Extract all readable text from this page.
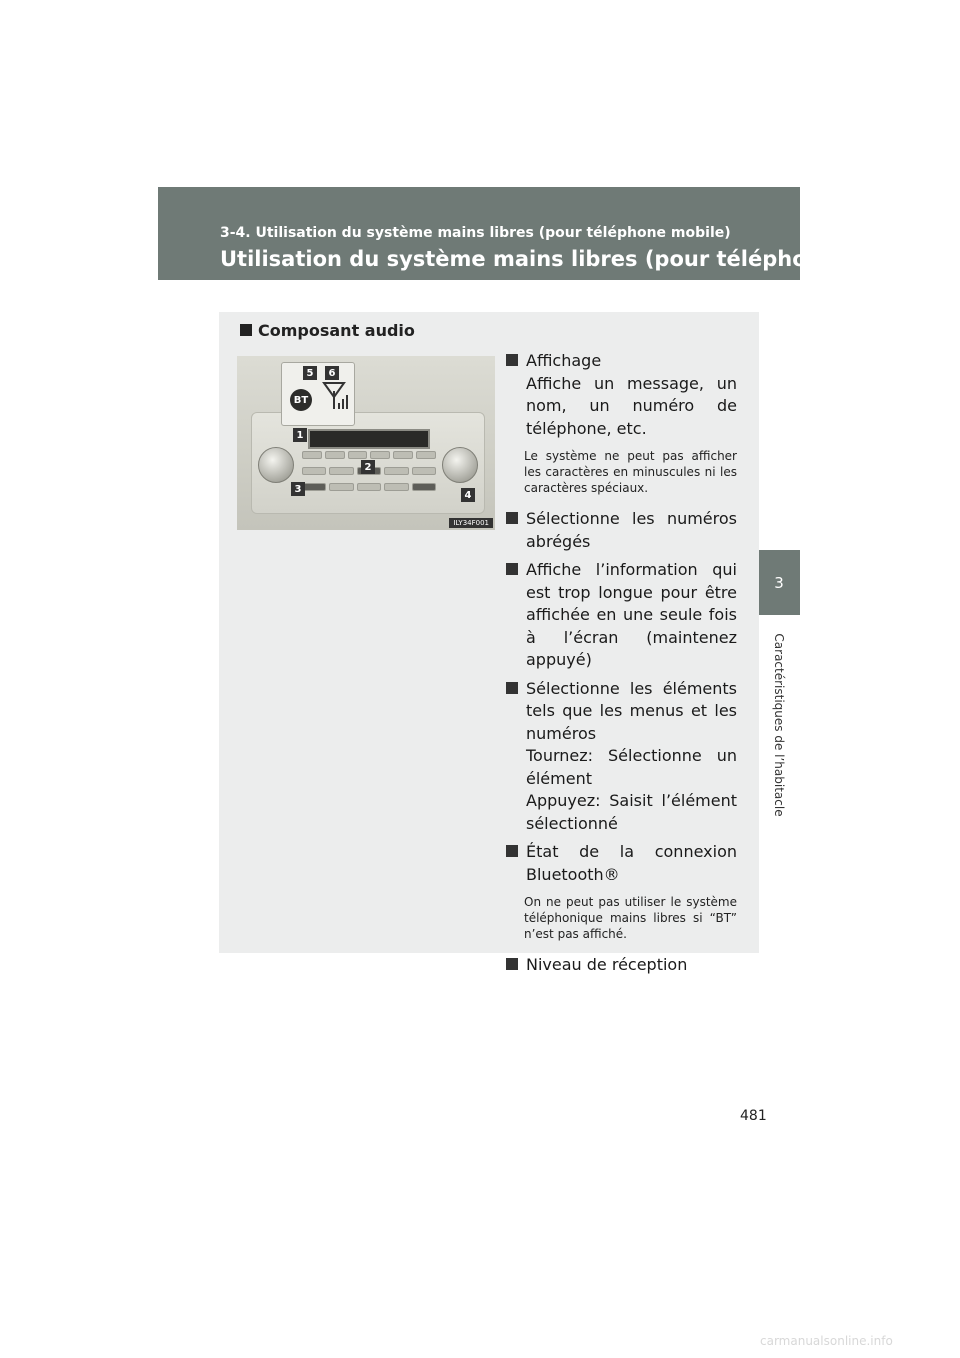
3-4. Utilisation du système mains libres (pour téléphone mobile)
Utilisation du système mains libres (pour téléphone mobile)
3
Caractéristiques de l’habitacle
Composant audio
BT
1
2
3
4
5	6
ILY34F001
Affichage
Affiche un message, un nom, un numéro de téléphone, etc.
Le système ne peut pas afficher les caractères en minuscules ni les caractères spéciaux.
Sélectionne les numéros abrégés
Affiche l’information qui est trop longue pour être affichée en une seule fois à l’écran (maintenez appuyé)
Sélectionne les éléments tels que les menus et les numéros
Tournez: Sélectionne un élément
Appuyez: Saisit l’élément sélectionné
État de la connexion Bluetooth®
On ne peut pas utiliser le système téléphonique mains libres si “BT” n’est pas affiché.
Niveau de réception
481
carmanualsonline.info
